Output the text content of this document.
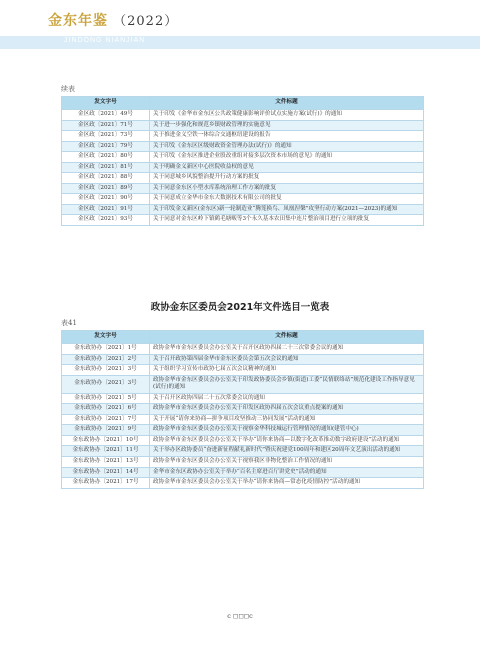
金东年鉴 （2022）
JINDONG NIANJIAN
续表
发文字号	文件标题
金区政〔2021〕49号	关于印发《金华市金东区公共政策健康影响评价试点实施方案(试行)》的通知
金区政〔2021〕71号	关于进一步强化和规范乡镇财政管理的实施意见
金区政〔2021〕73号	关于推进金义空铁一体综合交通枢纽建设的报告
金区政〔2021〕79号	关于印发《金东区区级财政资金管理办法(试行)》的通知
金区政〔2021〕80号	关于印发《金东区推进企业股改重组对接多层次资本市场的意见》的通知
金区政〔2021〕81号	关于明确金义新区中心医院收益权的意见
金区政〔2021〕88号	关于同意城乡风貌整治提升行动方案的批复
金区政〔2021〕89号	关于同意金东区小型水库系统治理工作方案的批复
金区政〔2021〕90号	关于同意成立金华市金东大数据技术有限公司的批复
金区政〔2021〕91号	关于印发金义新区(金东区)新一轮制造业“腾笼换鸟、凤凰涅槃”攻坚行动方案(2021—2023)的通知
金区政〔2021〕93号	关于同意对金东区岭下镇鹤毛塘畈等3个永久基本农田集中连片整治项目进行立项的批复
政协金东区委员会2021年文件选目一览表
表41
发文字号	文件标题
金东政协办〔2021〕1号	政协金华市金东区委员会办公室关于召开区政协四届二十三次常委会议的通知
金东政协办〔2021〕2号	关于召开政协第四届金华市金东区委员会第五次会议的通知
金东政协办〔2021〕3号	关于组织学习宣传市政协七届五次会议精神的通知
金东政协办〔2021〕3号	政协金华市金东区委员会办公室关于印发政协委员会乡镇(街道)工委“民情联络站”规范化建设工作指导意见(试行)的通知
金东政协办〔2021〕5号	关于召开区政协四届二十五次常委会议的通知
金东政协办〔2021〕6号	政协金华市金东区委员会办公室关于印发区政协四届五次会议重点提案的通知
金东政协办〔2021〕7号	关于开展“请你来协商—拼争项目攻坚推动三协同发展”活动的通知
金东政协办〔2021〕9号	政协金华市金东区委员会办公室关于视察金华科技城运行管理情况的通知(建管中心)
金东政协办〔2021〕10号	政协金华市金东区委员会办公室关于举办“请你来协商—以数字化改革推动数字政府建设”活动的通知
金东政协办〔2021〕11号	关于举办区政协委员“奋进新征程献礼新时代”暨庆祝建党100周年和建区20周年文艺演出活动的通知
金东政协办〔2021〕13号	政协金华市金东区委员会办公室关于视察我区非物化整治工作情况的通知
金东政协办〔2021〕14号	金华市金东区政协办公室关于举办“百名主席进百厅讲党史”活动的通知
金东政协办〔2021〕17号	政协金华市金东区委员会办公室关于举办“请你来协商—常态化疫情防控”活动的通知
c ◻◻◻c
